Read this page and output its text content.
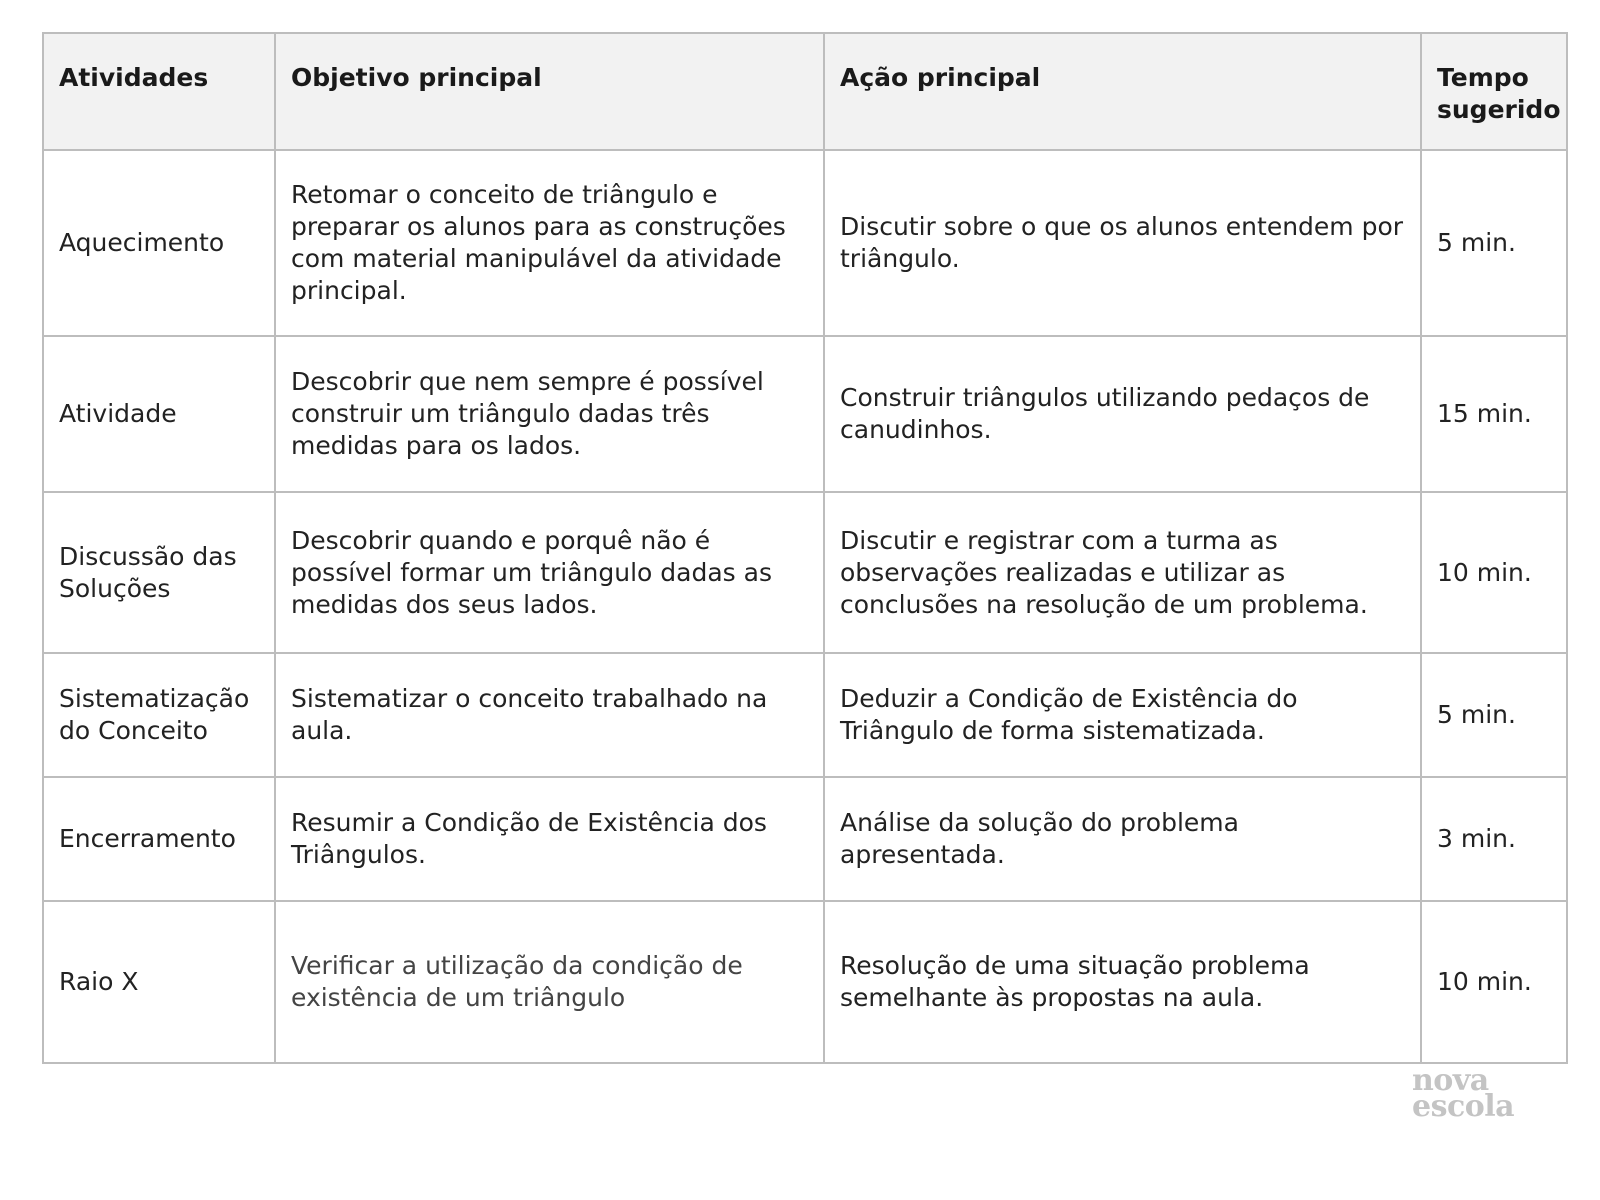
Atividades	Objetivo principal	Ação principal	Tempo sugerido
Aquecimento	Retomar o conceito de triângulo e preparar os alunos para as construções com material manipulável da atividade principal.	Discutir sobre o que os alunos entendem por triângulo.	5 min.
Atividade	Descobrir que nem sempre é possível construir um triângulo dadas três medidas para os lados.	Construir triângulos utilizando pedaços de canudinhos.	15 min.
Discussão das Soluções	Descobrir quando e porquê não é possível formar um triângulo dadas as medidas dos seus lados.	Discutir e registrar com a turma as observações realizadas e utilizar as conclusões na resolução de um problema.	10 min.
Sistematização do Conceito	Sistematizar o conceito trabalhado na aula.	Deduzir a Condição de Existência do Triângulo de forma sistematizada.	5 min.
Encerramento	Resumir a Condição de Existência dos Triângulos.	Análise da solução do problema apresentada.	3 min.
Raio X	Verificar a utilização da condição de existência de um triângulo	Resolução de uma situação problema semelhante às propostas na aula.	10 min.
nova
escola
